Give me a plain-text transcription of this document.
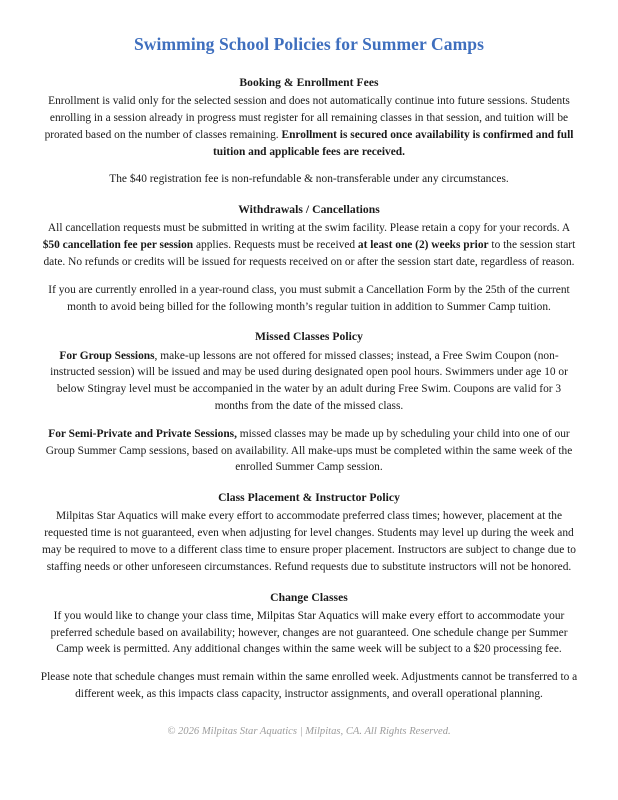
Swimming School Policies for Summer Camps
Booking & Enrollment Fees

Enrollment is valid only for the selected session and does not automatically continue into future sessions. Students enrolling in a session already in progress must register for all remaining classes in that session, and tuition will be prorated based on the number of classes remaining. Enrollment is secured once availability is confirmed and full tuition and applicable fees are received.

The $40 registration fee is non-refundable & non-transferable under any circumstances.

Withdrawals / Cancellations

All cancellation requests must be submitted in writing at the swim facility. Please retain a copy for your records. A $50 cancellation fee per session applies. Requests must be received at least one (2) weeks prior to the session start date. No refunds or credits will be issued for requests received on or after the session start date, regardless of reason.

If you are currently enrolled in a year-round class, you must submit a Cancellation Form by the 25th of the current month to avoid being billed for the following month’s regular tuition in addition to Summer Camp tuition.

Missed Classes Policy

For Group Sessions, make-up lessons are not offered for missed classes; instead, a Free Swim Coupon (non-instructed session) will be issued and may be used during designated open pool hours. Swimmers under age 10 or below Stingray level must be accompanied in the water by an adult during Free Swim. Coupons are valid for 3 months from the date of the missed class.

For Semi-Private and Private Sessions, missed classes may be made up by scheduling your child into one of our Group Summer Camp sessions, based on availability. All make-ups must be completed within the same week of the enrolled Summer Camp session.

Class Placement & Instructor Policy

Milpitas Star Aquatics will make every effort to accommodate preferred class times; however, placement at the requested time is not guaranteed, even when adjusting for level changes. Students may level up during the week and may be required to move to a different class time to ensure proper placement. Instructors are subject to change due to staffing needs or other unforeseen circumstances. Refund requests due to substitute instructors will not be honored.

Change Classes

If you would like to change your class time, Milpitas Star Aquatics will make every effort to accommodate your preferred schedule based on availability; however, changes are not guaranteed. One schedule change per Summer Camp week is permitted. Any additional changes within the same week will be subject to a $20 processing fee.

Please note that schedule changes must remain within the same enrolled week. Adjustments cannot be transferred to a different week, as this impacts class capacity, instructor assignments, and overall operational planning.

© 2026 Milpitas Star Aquatics | Milpitas, CA. All Rights Reserved.
